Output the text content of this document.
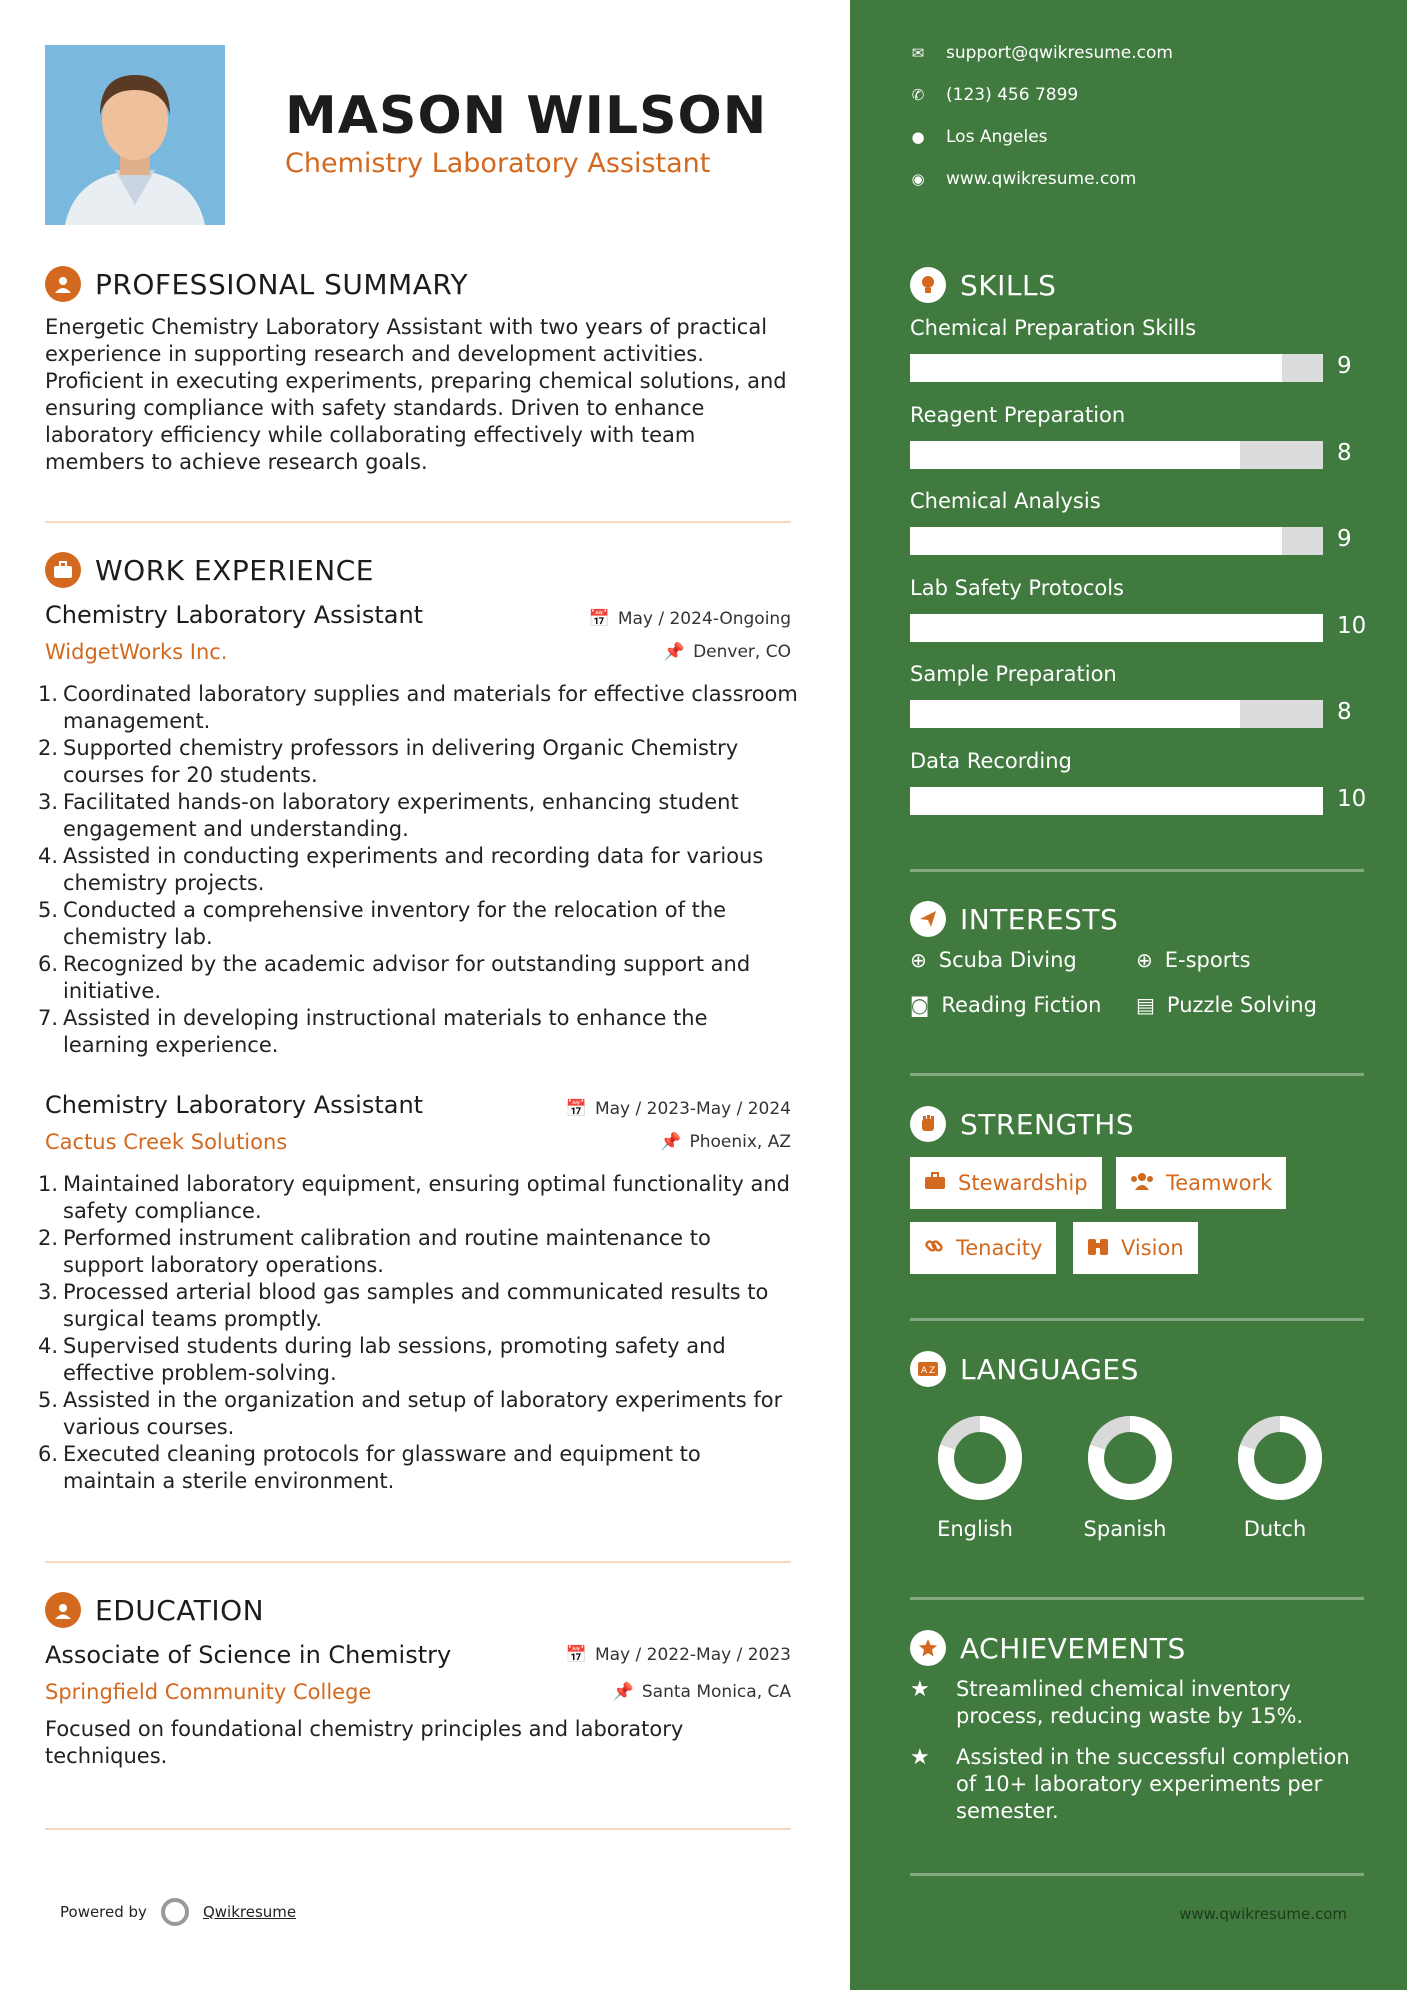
MASON WILSON
Chemistry Laboratory Assistant
PROFESSIONAL SUMMARY
Energetic Chemistry Laboratory Assistant with two years of practical experience in supporting research and development activities. Proficient in executing experiments, preparing chemical solutions, and ensuring compliance with safety standards. Driven to enhance laboratory efficiency while collaborating effectively with team members to achieve research goals.
WORK EXPERIENCE
Chemistry Laboratory Assistant	📅 May / 2024-Ongoing
WidgetWorks Inc.	📌 Denver, CO
1. Coordinated laboratory supplies and materials for effective classroom management.
2. Supported chemistry professors in delivering Organic Chemistry courses for 20 students.
3. Facilitated hands-on laboratory experiments, enhancing student engagement and understanding.
4. Assisted in conducting experiments and recording data for various chemistry projects.
5. Conducted a comprehensive inventory for the relocation of the chemistry lab.
6. Recognized by the academic advisor for outstanding support and initiative.
7. Assisted in developing instructional materials to enhance the learning experience.
Chemistry Laboratory Assistant	📅 May / 2023-May / 2024
Cactus Creek Solutions	📌 Phoenix, AZ
1. Maintained laboratory equipment, ensuring optimal functionality and safety compliance.
2. Performed instrument calibration and routine maintenance to support laboratory operations.
3. Processed arterial blood gas samples and communicated results to surgical teams promptly.
4. Supervised students during lab sessions, promoting safety and effective problem-solving.
5. Assisted in the organization and setup of laboratory experiments for various courses.
6. Executed cleaning protocols for glassware and equipment to maintain a sterile environment.
EDUCATION
Associate of Science in Chemistry	📅 May / 2022-May / 2023
Springfield Community College	📌 Santa Monica, CA
Focused on foundational chemistry principles and laboratory techniques.
Powered by	Qwikresume
✉ support@qwikresume.com
✆ (123) 456 7899
● Los Angeles
◉ www.qwikresume.com
SKILLS
Chemical Preparation Skills
9
Reagent Preparation
8
Chemical Analysis
9
Lab Safety Protocols
10
Sample Preparation
8
Data Recording
10
INTERESTS
⊕ Scuba Diving	⊕ E-sports
◙ Reading Fiction ▤ Puzzle Solving
STRENGTHS
Stewardship	Teamwork
Tenacity	Vision
A Z LANGUAGES
English	Spanish	Dutch
ACHIEVEMENTS
★	Streamlined chemical inventory process, reducing waste by 15%.
★	Assisted in the successful completion of 10+ laboratory experiments per semester.
www.qwikresume.com
